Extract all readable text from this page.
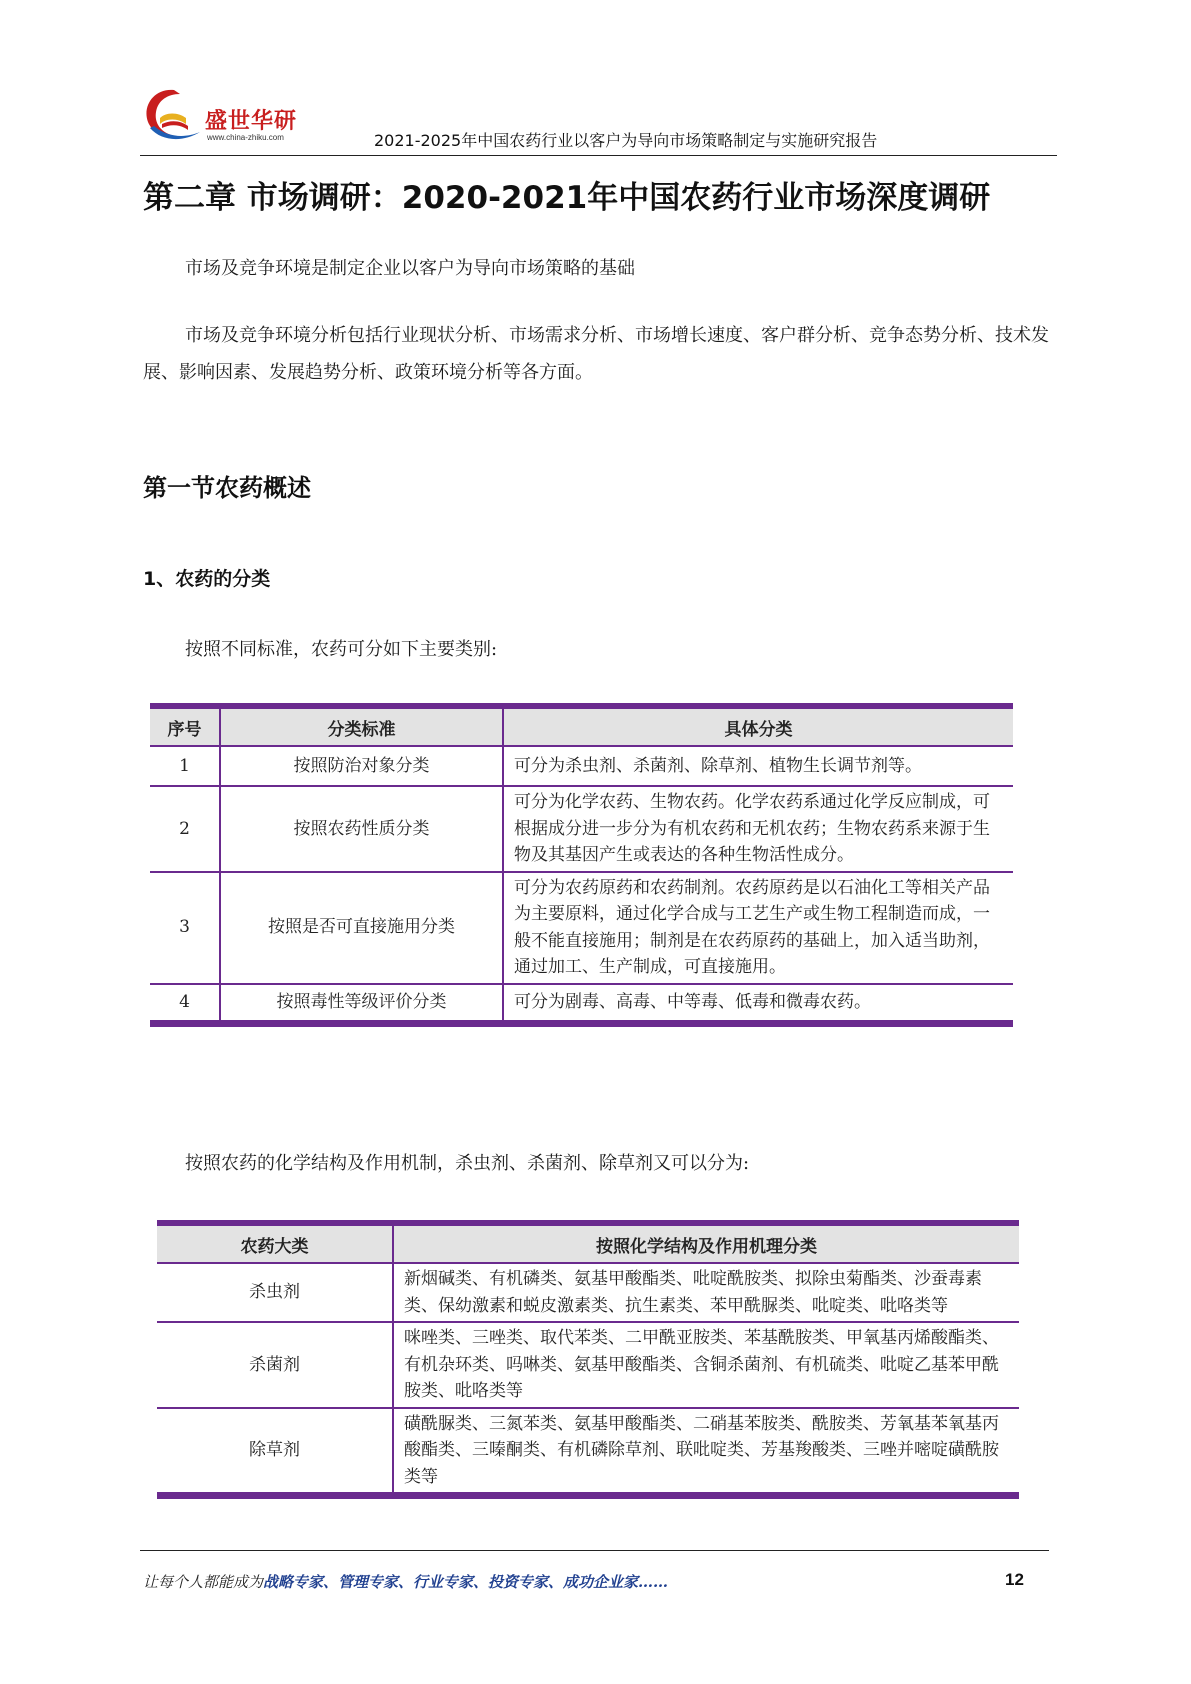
盛世华研
www.china-zhiku.com	2021-2025年中国农药行业以客户为导向市场策略制定与实施研究报告
第二章 市场调研：2020-2021年中国农药行业市场深度调研

市场及竞争环境是制定企业以客户为导向市场策略的基础

市场及竞争环境分析包括行业现状分析、市场需求分析、市场增长速度、客户群分析、竞争态势分析、技术发展、影响因素、发展趋势分析、政策环境分析等各方面。

第一节农药概述
1、农药的分类

按照不同标准，农药可分如下主要类别:

序号	分类标准	具体分类
1	按照防治对象分类	可分为杀虫剂、杀菌剂、除草剂、植物生长调节剂等。
2	按照农药性质分类	可分为化学农药、生物农药。化学农药系通过化学反应制成，可根据成分进一步分为有机农药和无机农药；生物农药系来源于生物及其基因产生或表达的各种生物活性成分。
3	按照是否可直接施用分类	可分为农药原药和农药制剂。农药原药是以石油化工等相关产品为主要原料，通过化学合成与工艺生产或生物工程制造而成，一般不能直接施用；制剂是在农药原药的基础上，加入适当助剂，通过加工、生产制成，可直接施用。
4	按照毒性等级评价分类	可分为剧毒、高毒、中等毒、低毒和微毒农药。

按照农药的化学结构及作用机制，杀虫剂、杀菌剂、除草剂又可以分为:

农药大类	按照化学结构及作用机理分类
杀虫剂	新烟碱类、有机磷类、氨基甲酸酯类、吡啶酰胺类、拟除虫菊酯类、沙蚕毒素类、保幼激素和蜕皮激素类、抗生素类、苯甲酰脲类、吡啶类、吡咯类等
杀菌剂	咪唑类、三唑类、取代苯类、二甲酰亚胺类、苯基酰胺类、甲氧基丙烯酸酯类、有机杂环类、吗啉类、氨基甲酸酯类、含铜杀菌剂、有机硫类、吡啶乙基苯甲酰胺类、吡咯类等
除草剂	磺酰脲类、三氮苯类、氨基甲酸酯类、二硝基苯胺类、酰胺类、芳氧基苯氧基丙酸酯类、三嗪酮类、有机磷除草剂、联吡啶类、芳基羧酸类、三唑并嘧啶磺酰胺类等
让每个人都能成为战略专家、管理专家、行业专家、投资专家、成功企业家……	12
